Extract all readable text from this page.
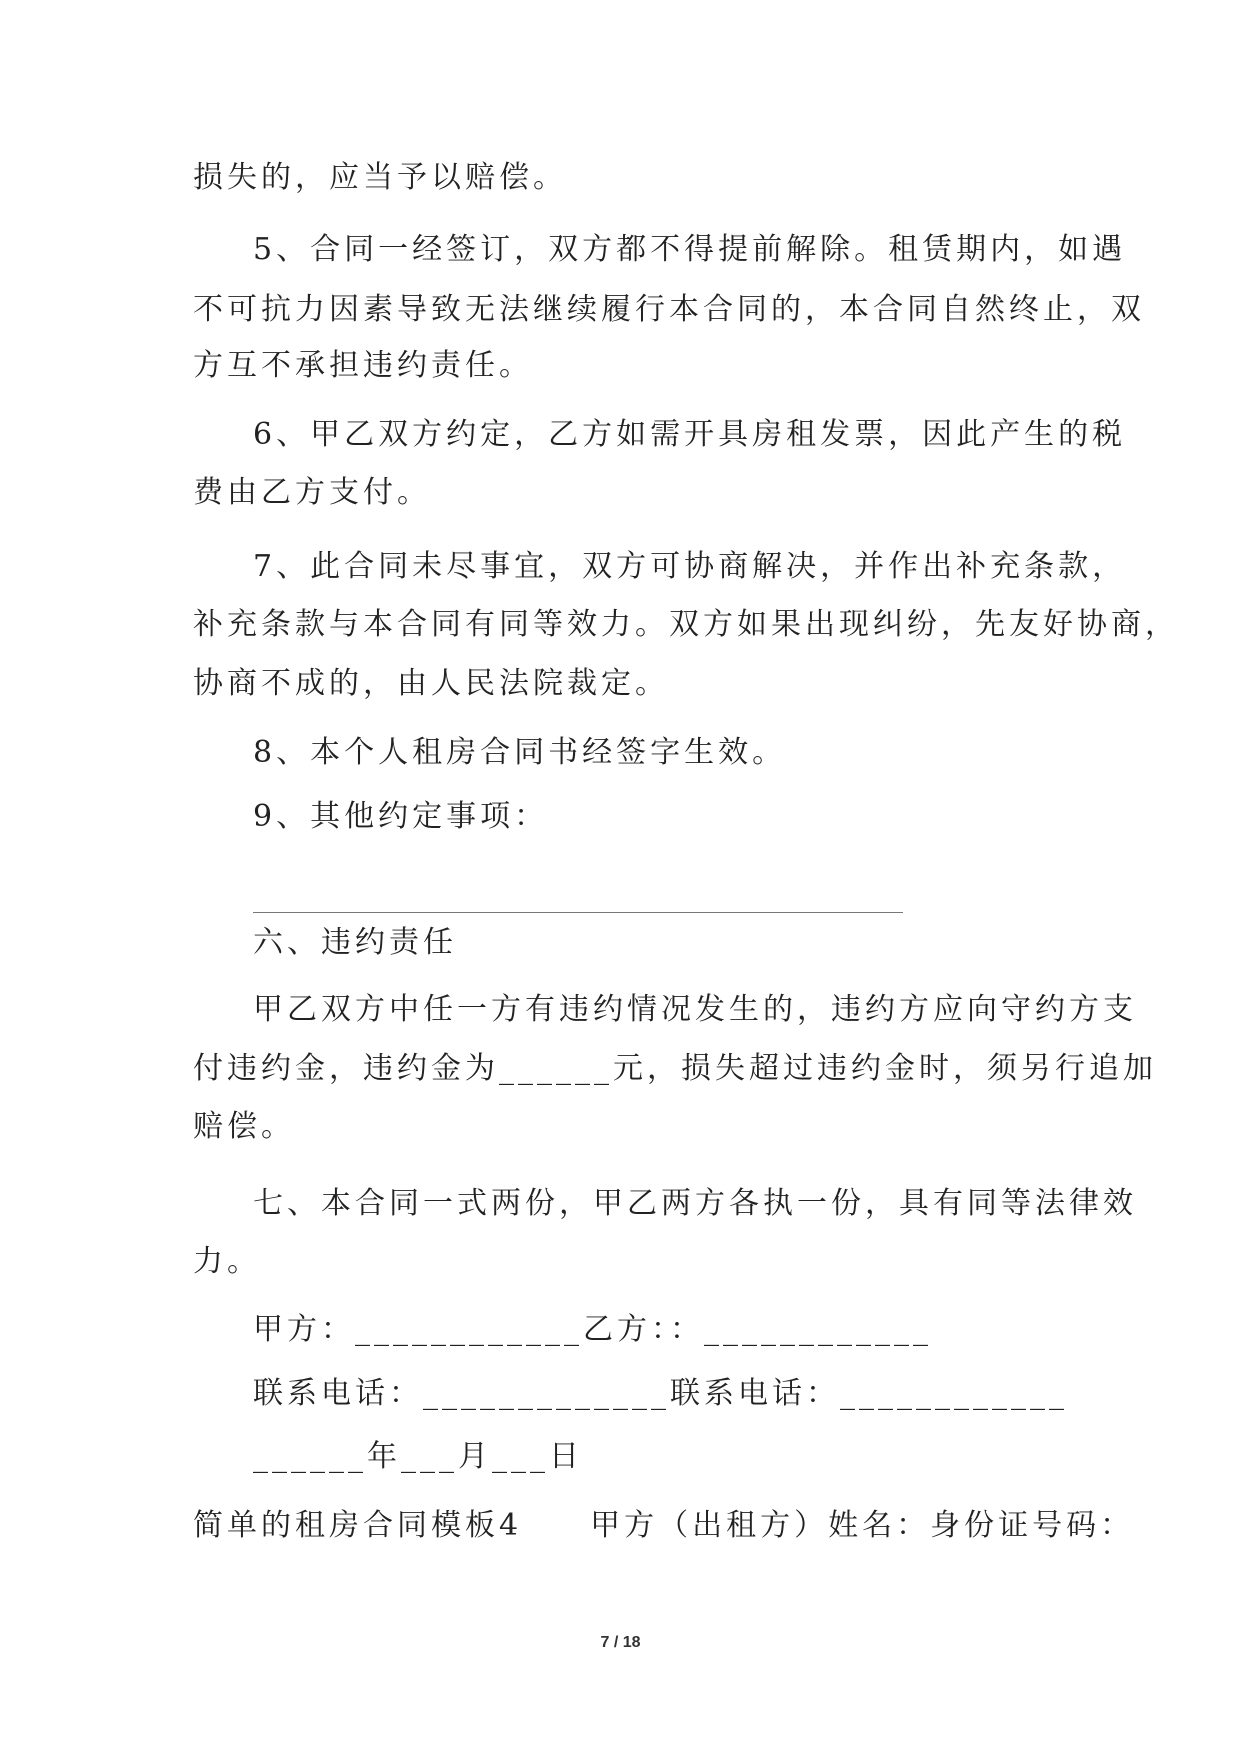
损失的，应当予以赔偿。
5、合同一经签订，双方都不得提前解除。租赁期内，如遇
不可抗力因素导致无法继续履行本合同的，本合同自然终止，双
方互不承担违约责任。
6、甲乙双方约定，乙方如需开具房租发票，因此产生的税
费由乙方支付。
7、此合同未尽事宜，双方可协商解决，并作出补充条款，
补充条款与本合同有同等效力。双方如果出现纠纷，先友好协商，
协商不成的，由人民法院裁定。
8、本个人租房合同书经签字生效。
9、其他约定事项：
六、违约责任
甲乙双方中任一方有违约情况发生的，违约方应向守约方支
付违约金，违约金为______元，损失超过违约金时，须另行追加
赔偿。
七、本合同一式两份，甲乙两方各执一份，具有同等法律效
力。
甲方：____________乙方：：____________
联系电话：_____________联系电话：____________
______年___月___日
简单的租房合同模板4　　甲方（出租方）姓名：身份证号码：
7 / 18
